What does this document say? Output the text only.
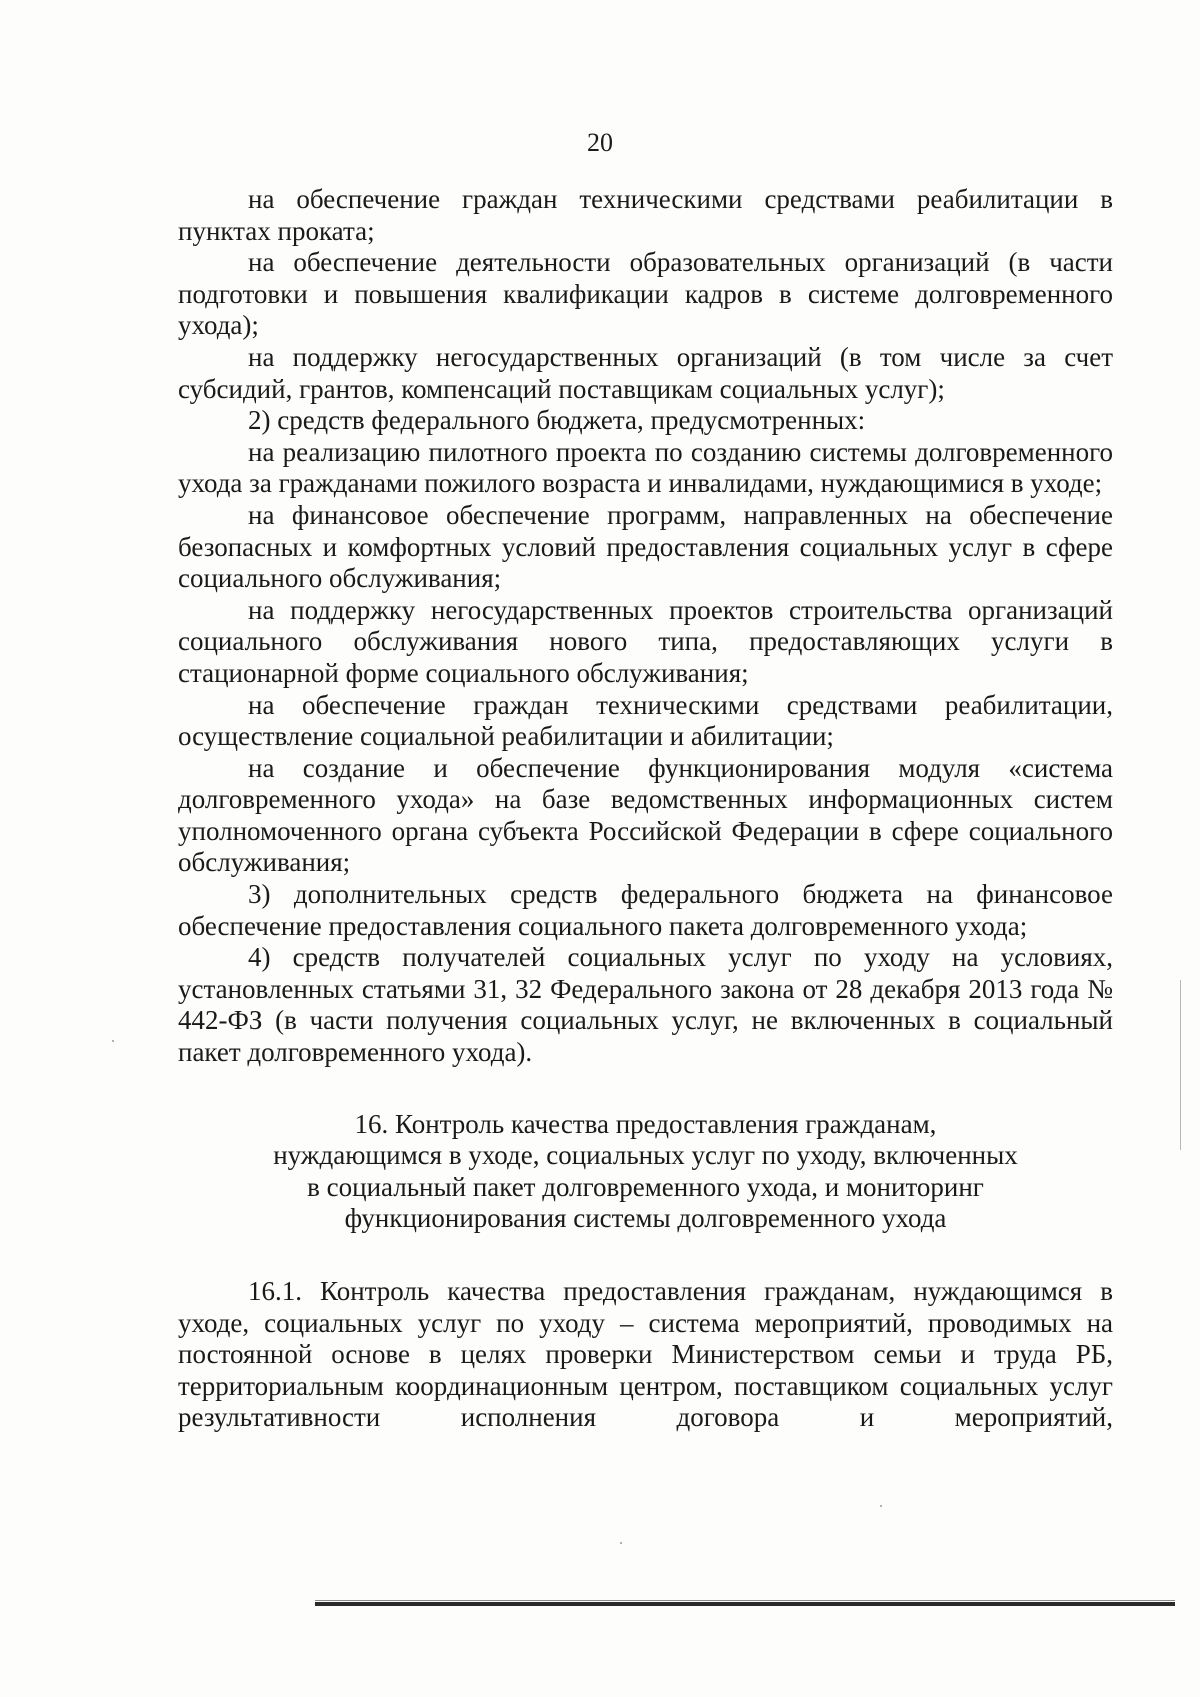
20

на обеспечение граждан техническими средствами реабилитации в пунктах проката;

на обеспечение деятельности образовательных организаций (в части подготовки и повышения квалификации кадров в системе долговременного ухода);

на поддержку негосударственных организаций (в том числе за счет субсидий, грантов, компенсаций поставщикам социальных услуг);

2) средств федерального бюджета, предусмотренных:

на реализацию пилотного проекта по созданию системы долговременного ухода за гражданами пожилого возраста и инвалидами, нуждающимися в уходе;

на финансовое обеспечение программ, направленных на обеспечение безопасных и комфортных условий предоставления социальных услуг в сфере социального обслуживания;

на поддержку негосударственных проектов строительства организаций социального обслуживания нового типа, предоставляющих услуги в стационарной форме социального обслуживания;

на обеспечение граждан техническими средствами реабилитации, осуществление социальной реабилитации и абилитации;

на создание и обеспечение функционирования модуля «система долговременного ухода» на базе ведомственных информационных систем уполномоченного органа субъекта Российской Федерации в сфере социального обслуживания;

3) дополнительных средств федерального бюджета на финансовое обеспечение предоставления социального пакета долговременного ухода;

4) средств получателей социальных услуг по уходу на условиях, установленных статьями 31, 32 Федерального закона от 28 декабря 2013 года № 442-ФЗ (в части получения социальных услуг, не включенных в социальный пакет долговременного ухода).

16. Контроль качества предоставления гражданам,
нуждающимся в уходе, социальных услуг по уходу, включенных
в социальный пакет долговременного ухода, и мониторинг
функционирования системы долговременного ухода

16.1. Контроль качества предоставления гражданам, нуждающимся в уходе, социальных услуг по уходу – система мероприятий, проводимых на постоянной основе в целях проверки Министерством семьи и труда РБ, территориальным координационным центром, поставщиком социальных услуг результативности исполнения договора и мероприятий,
